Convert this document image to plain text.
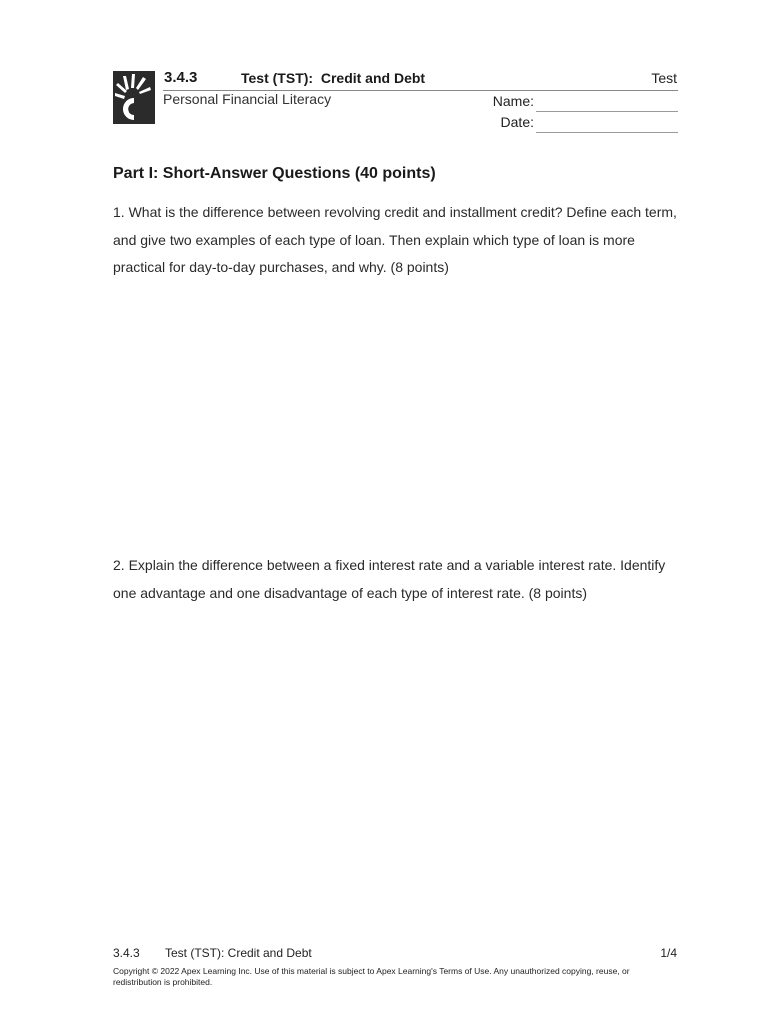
3.4.3	Test (TST):  Credit and Debt	Test
Personal Financial Literacy	Name:
Date:
Part I: Short-Answer Questions (40 points)
1. What is the difference between revolving credit and installment credit? Define each term, and give two examples of each type of loan. Then explain which type of loan is more practical for day-to-day purchases, and why. (8 points)
2. Explain the difference between a fixed interest rate and a variable interest rate. Identify one advantage and one disadvantage of each type of interest rate. (8 points)
3.4.3 Test (TST): Credit and Debt	1/4
Copyright © 2022 Apex Learning Inc. Use of this material is subject to Apex Learning's Terms of Use. Any unauthorized copying, reuse, or redistribution is prohibited.
